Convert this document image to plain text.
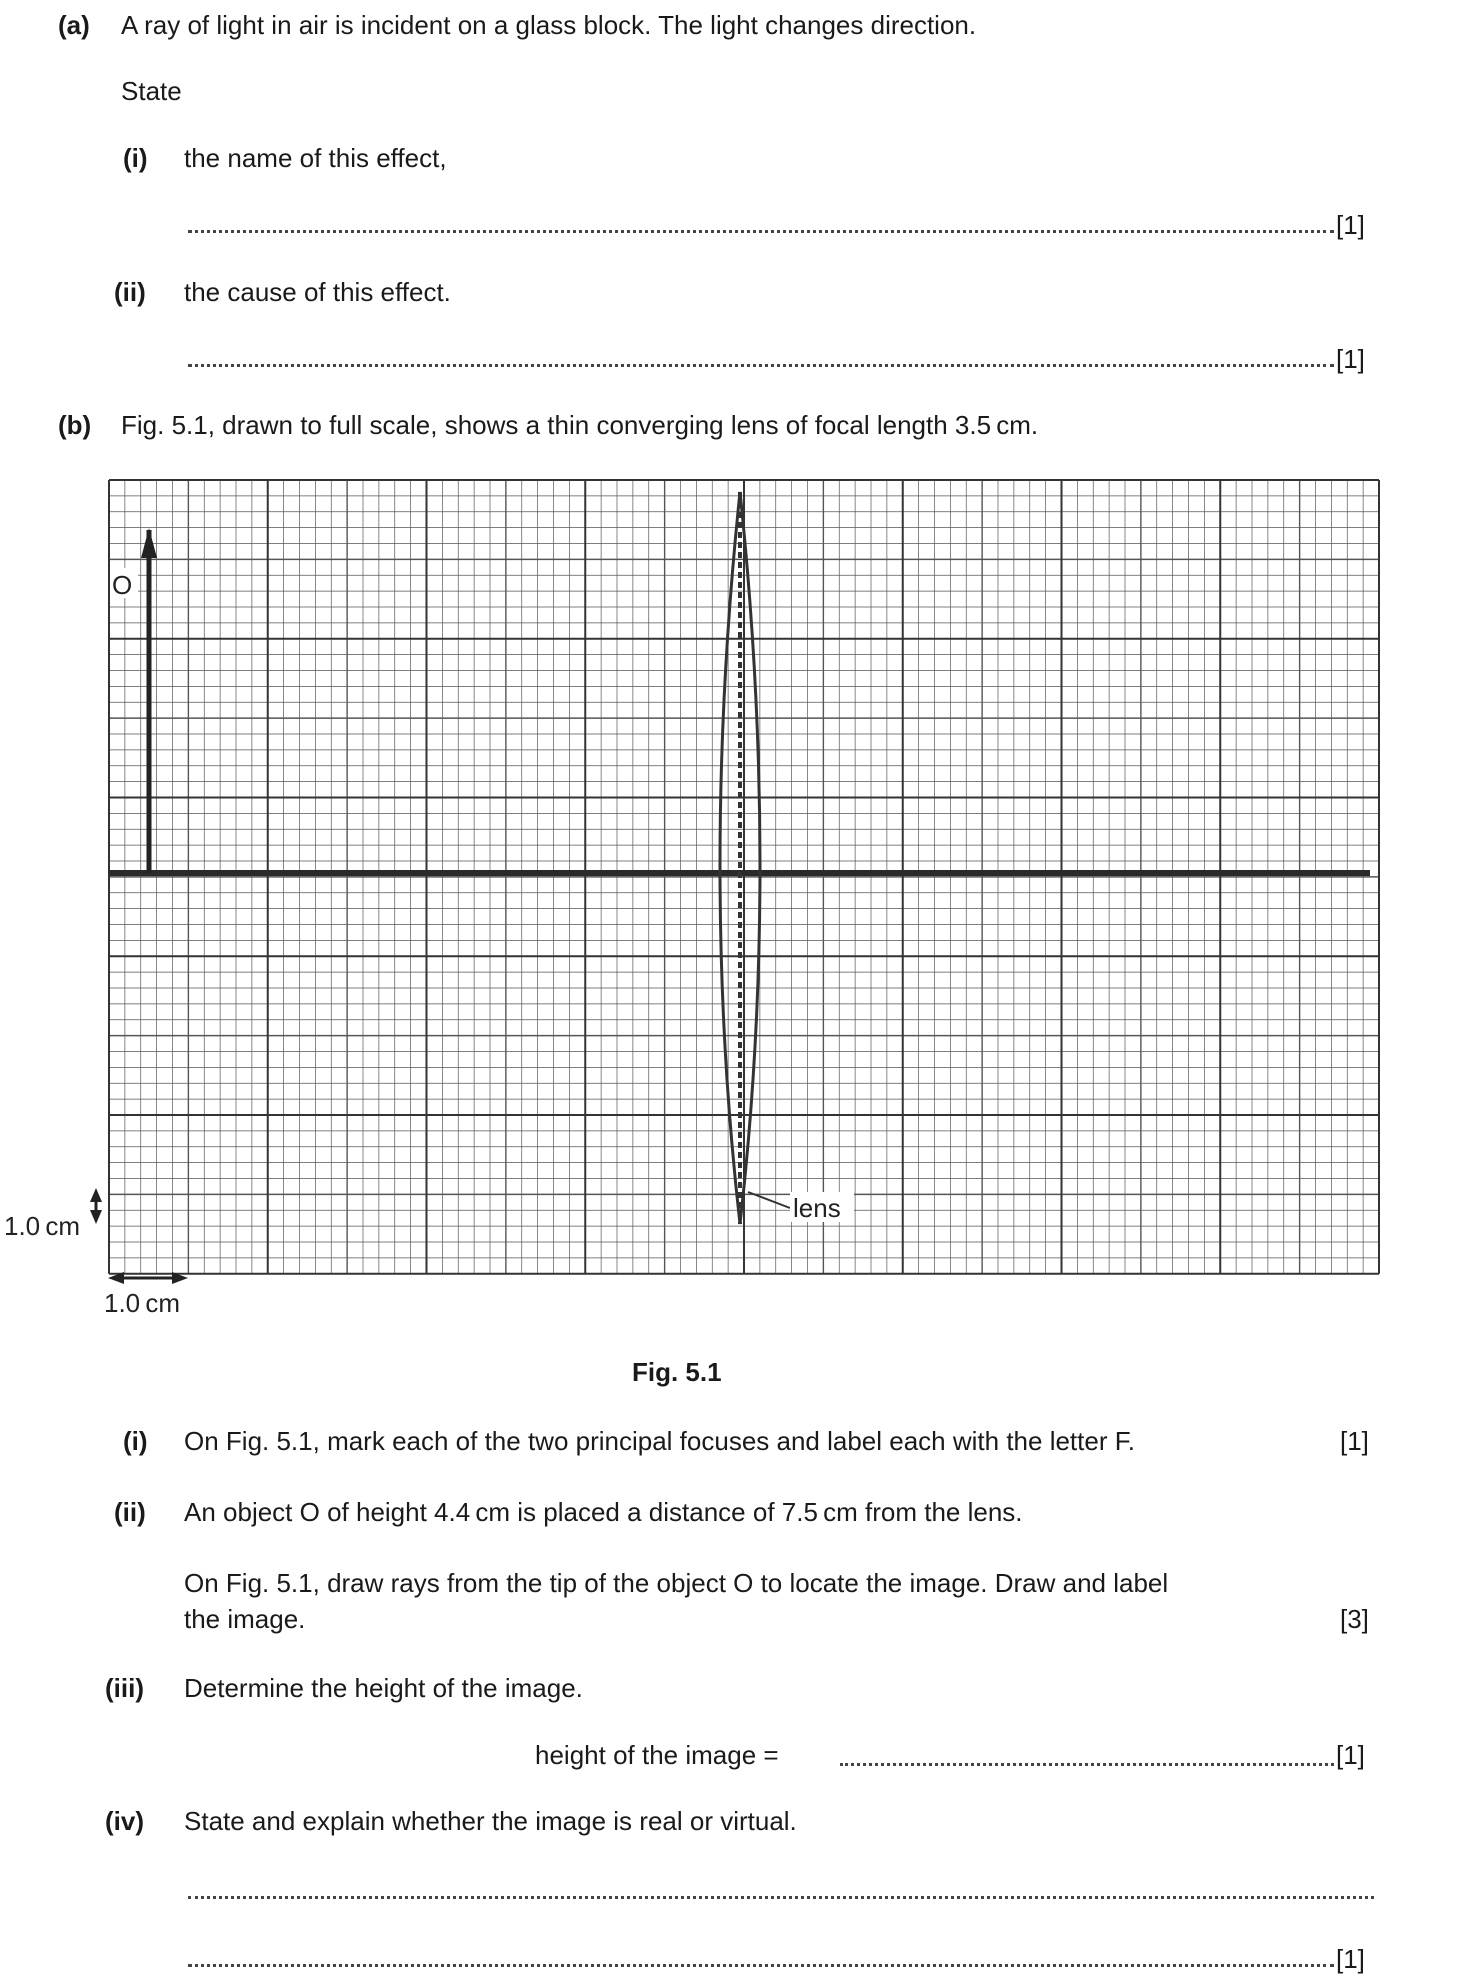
(a) A ray of light in air is incident on a glass block. The light changes direction.
State
(i) the name of this effect,
[1]
(ii) the cause of this effect.
[1]
(b) Fig. 5.1, drawn to full scale, shows a thin converging lens of focal length 3.5 cm.
O
lens
1.0 cm
1.0 cm
Fig. 5.1
(i) On Fig. 5.1, mark each of the two principal focuses and label each with the letter F.	[1]
(ii) An object O of height 4.4 cm is placed a distance of 7.5 cm from the lens.
On Fig. 5.1, draw rays from the tip of the object O to locate the image. Draw and label
the image.	[3]
(iii) Determine the height of the image.
height of the image =	[1]
(iv) State and explain whether the image is real or virtual.
[1]
